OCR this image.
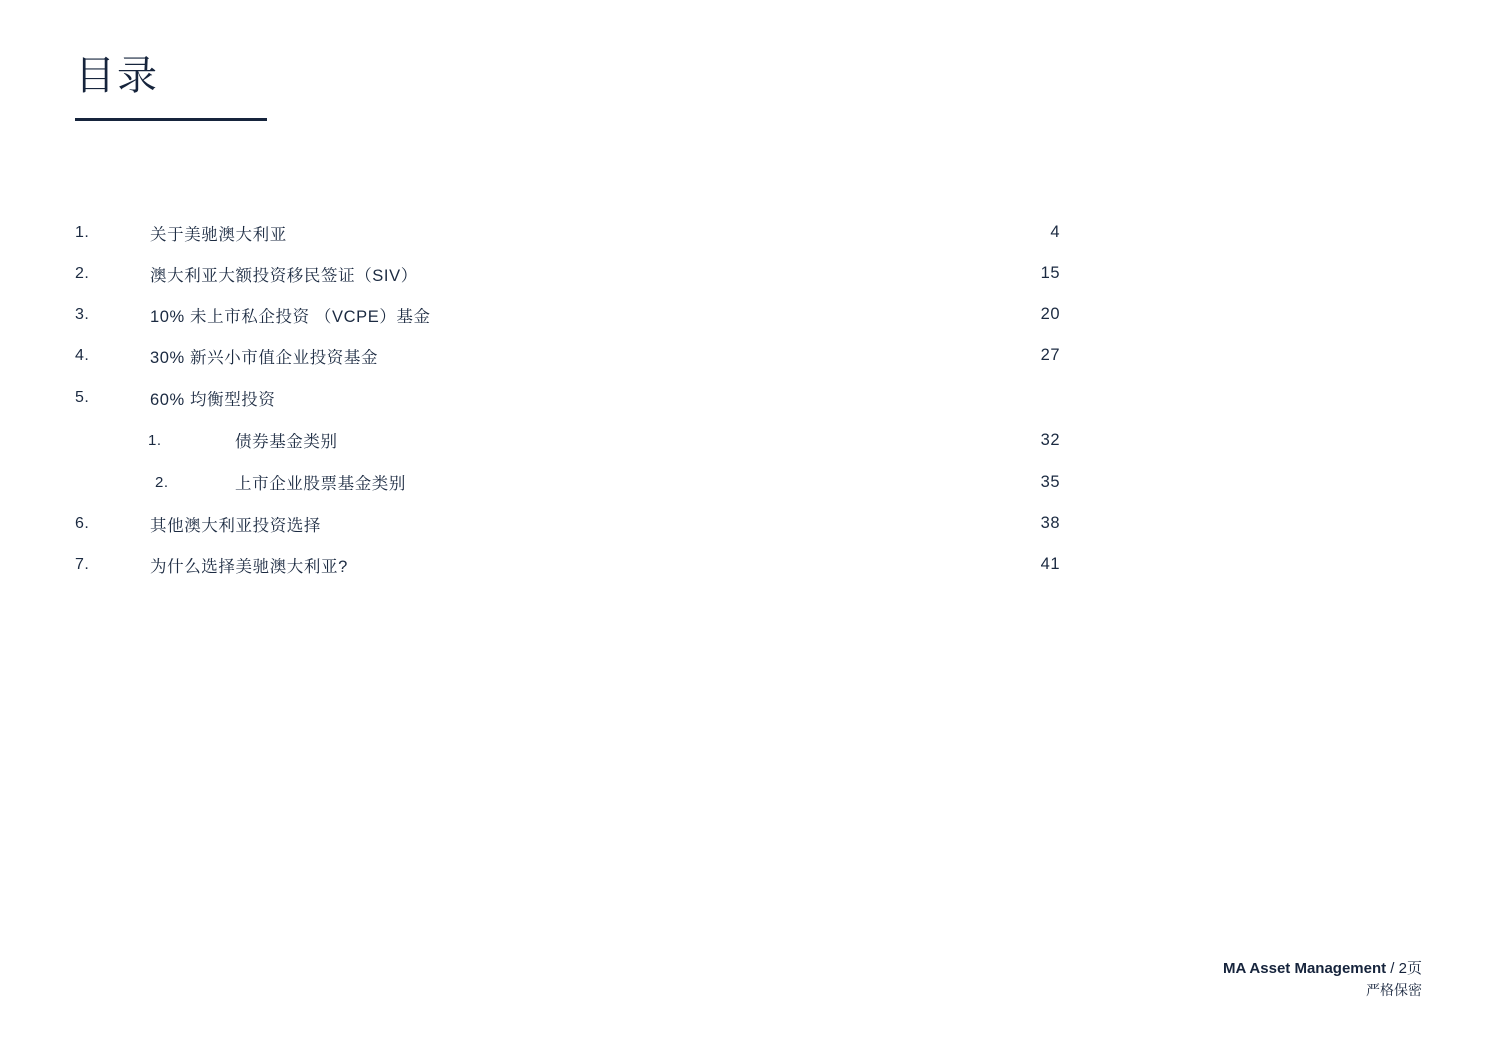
目录
1.	关于美驰澳大利亚	4
2.	澳大利亚大额投资移民签证（SIV）	15
3.	10% 未上市私企投资 （VCPE）基金	20
4.	30% 新兴小市值企业投资基金	27
5.	60% 均衡型投资
1.	债券基金类别	32
2.	上市企业股票基金类别	35
6.	其他澳大利亚投资选择	38
7.	为什么选择美驰澳大利亚?	41
MA Asset Management / 2页
严格保密
